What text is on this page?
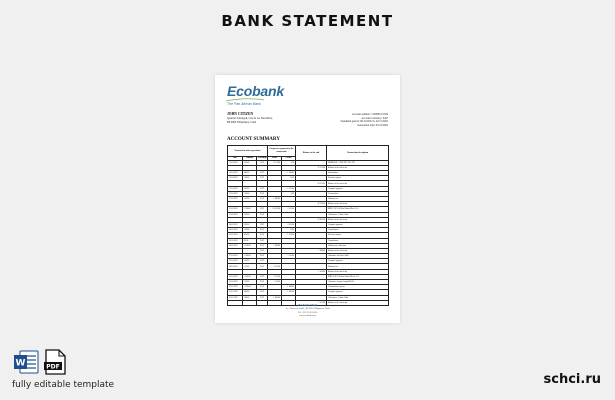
BANK STATEMENT
Ecobank
The Pan African Bank
JOHN CITIZEN
Quartier Sabangali, Cite de 1er Decembre,
BP 0000 N'Djamena, Chad
Account number: 1100000 01329
Account Currency: XAF
Statement period: 09/12/2022 to 22/11/2022
Generation date: 05/12/2022
ACCOUNT SUMMARY
Transaction, other operations			Prospective payment in the transaction		Balance at the end	Transaction description
Date	Amount	Exchange	Debit	Credit		
11.10.2022	500.00	XAF	1 111 000	1.30		EMERSON - CONCEPT TEC PTA
					12 111.00	Balance at the end of day
15.10.2022	800.00	XAF		1 288.00		Subscription
15.10.2022	100.00	XAF		51.00		Previous expense
					18 511.00	Balance at the end of day
17.10.2022	200.00	XAF		1 012.00		Corporate payment
17.10.2022	120.00	XAF		5.00		Commissions
17.10.2022	130.00	XAF	1 288.00			Ordinary fees
					16 512.00	Balance at the end of day
21.10.2022	1 500.00	XAF	18 211.00	1 111.00		BIRD CAF SAS Rue Robert Klar S.A.S
21.10.2022	250.00	XAF				Allowances - Gabon Allnu
					10 001.00	Balance at the end of day
24.10.2022	200.00	XAF		1 011.00		Corporate payment
24.10.2022	130.00	XAF		12.00		Commissions
25.10.2022	450.00	XAF		1 001.00		Previous expense
25.10.2022	90.00	XAF				Commissions
26.10.2022	1 000.00	XAF	1 288.00			Ordinary fees allowance
		XAF			1 088.00	Balance at the end of day
27.10.2022	1 000.00	XAF		1 112.00		Allowance for Glene 4,800
27.10.2022	320.00	XAF				Corporate payment
28.10.2022	120.00	XAF	1 011.00			Ordinary fees
					1 412.00	Balance at the end of day
31.10.2022	1 500.00	XAF	1 211.00			BIRD CAF SAS Rue Robert Klar S.A.S
31.10.2022	125.00	XAF	1 111.00			Allowance for pay Grangi Kal Bil
01.11.2022	1 200.00	XAF		1 288.00		Commissions expense
01.11.2022	400.00	XAF		1 082.00		Corporate payment
01.11.2022	300.00	XAF	1 000.00			Allowances - Gabon Allnu
					1 011.00	Balance at the end of day
Ecobank Chad
Av. Charles de Gaulle, BP 0000 N'Djamena, Chad
Tel: +235 22 00 00 00
www.ecobank.com
W	PDF
fully editable template	schci.ru
